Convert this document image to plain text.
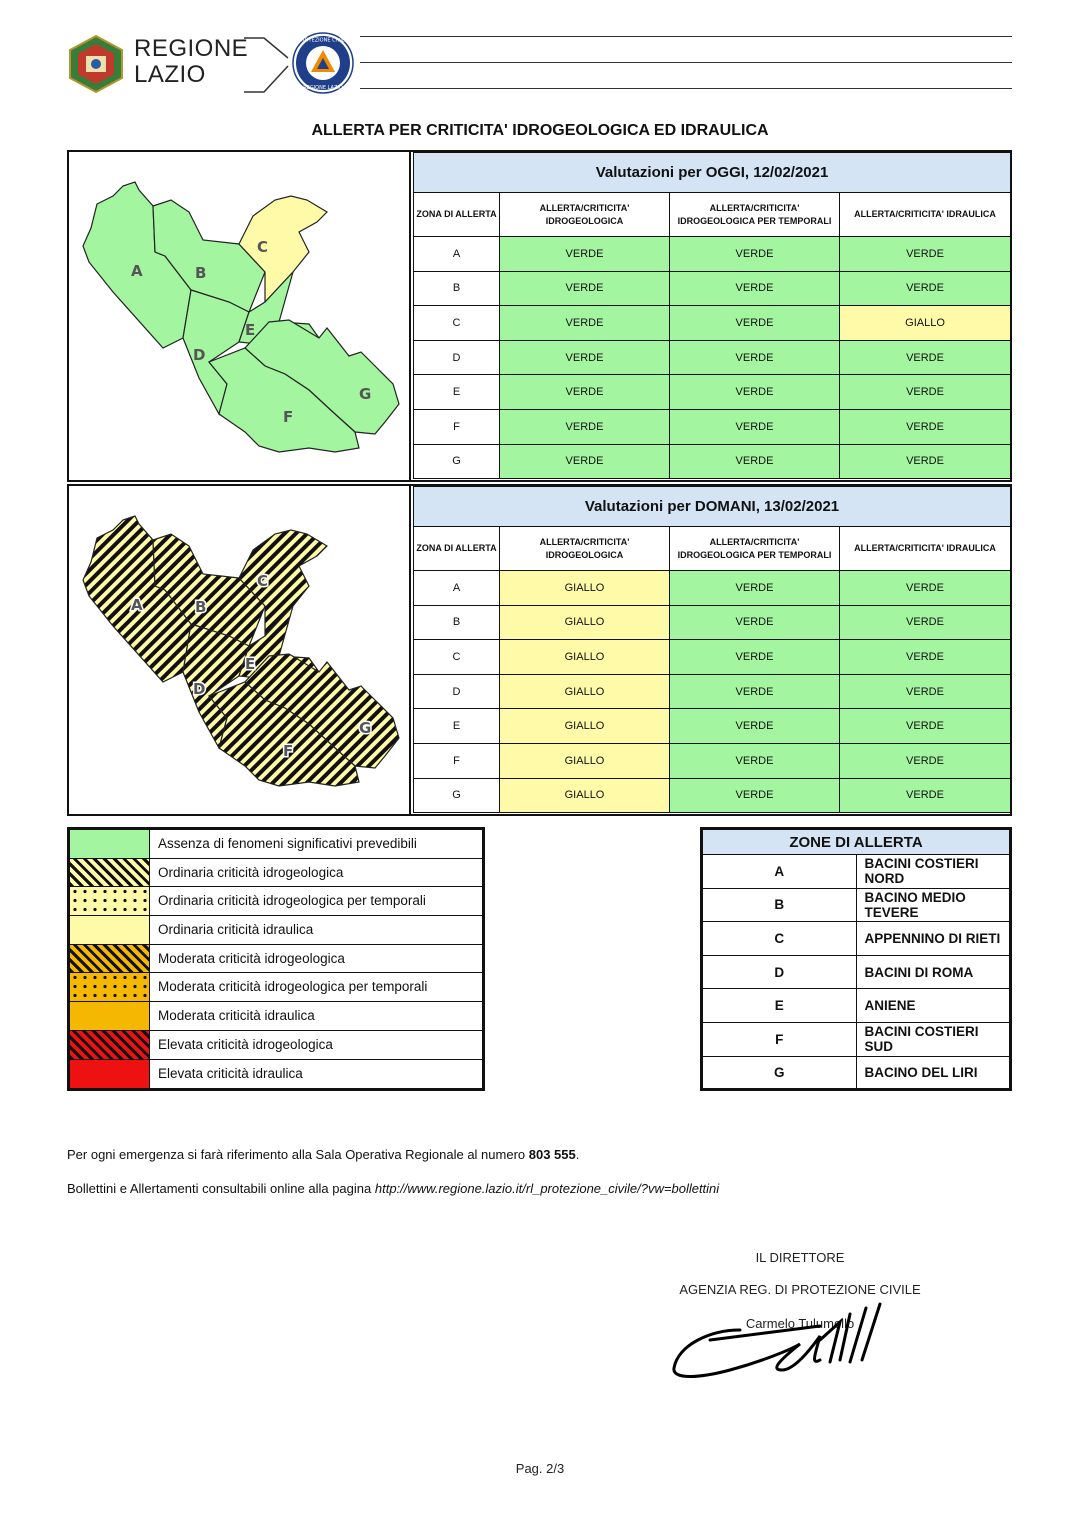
REGIONE
LAZIO
PROTEZIONE CIVILE
REGIONE LAZIO
ALLERTA PER CRITICITA' IDROGEOLOGICA ED IDRAULICA
A	B
C
D
E
F
G
Valutazioni per OGGI, 12/02/2021			
ZONA DI ALLERTA	ALLERTA/CRITICITA' IDROGEOLOGICA	ALLERTA/CRITICITA' IDROGEOLOGICA PER TEMPORALI	ALLERTA/CRITICITA' IDRAULICA
A	VERDE	VERDE	VERDE
B	VERDE	VERDE	VERDE
C	VERDE	VERDE	GIALLO
D	VERDE	VERDE	VERDE
E	VERDE	VERDE	VERDE
F	VERDE	VERDE	VERDE
G	VERDE	VERDE	VERDE
A	B
C
D
E
F
G
Valutazioni per DOMANI, 13/02/2021			
ZONA DI ALLERTA	ALLERTA/CRITICITA' IDROGEOLOGICA	ALLERTA/CRITICITA' IDROGEOLOGICA PER TEMPORALI	ALLERTA/CRITICITA' IDRAULICA
A	GIALLO	VERDE	VERDE
B	GIALLO	VERDE	VERDE
C	GIALLO	VERDE	VERDE
D	GIALLO	VERDE	VERDE
E	GIALLO	VERDE	VERDE
F	GIALLO	VERDE	VERDE
G	GIALLO	VERDE	VERDE
Assenza di fenomeni significativi prevedibili
Ordinaria criticità idrogeologica
Ordinaria criticità idrogeologica per temporali
Ordinaria criticità idraulica
Moderata criticità idrogeologica
Moderata criticità idrogeologica per temporali
Moderata criticità idraulica
Elevata criticità idrogeologica
Elevata criticità idraulica
ZONE DI ALLERTA	
A	BACINI COSTIERI NORD
B	BACINO MEDIO TEVERE
C	APPENNINO DI RIETI
D	BACINI DI ROMA
E	ANIENE
F	BACINI COSTIERI SUD
G	BACINO DEL LIRI
Per ogni emergenza si farà riferimento alla Sala Operativa Regionale al numero 803 555.
Bollettini e Allertamenti consultabili online alla pagina http://www.regione.lazio.it/rl_protezione_civile/?vw=bollettini
IL DIRETTORE
AGENZIA REG. DI PROTEZIONE CIVILE
Carmelo Tulumello
Pag. 2/3
